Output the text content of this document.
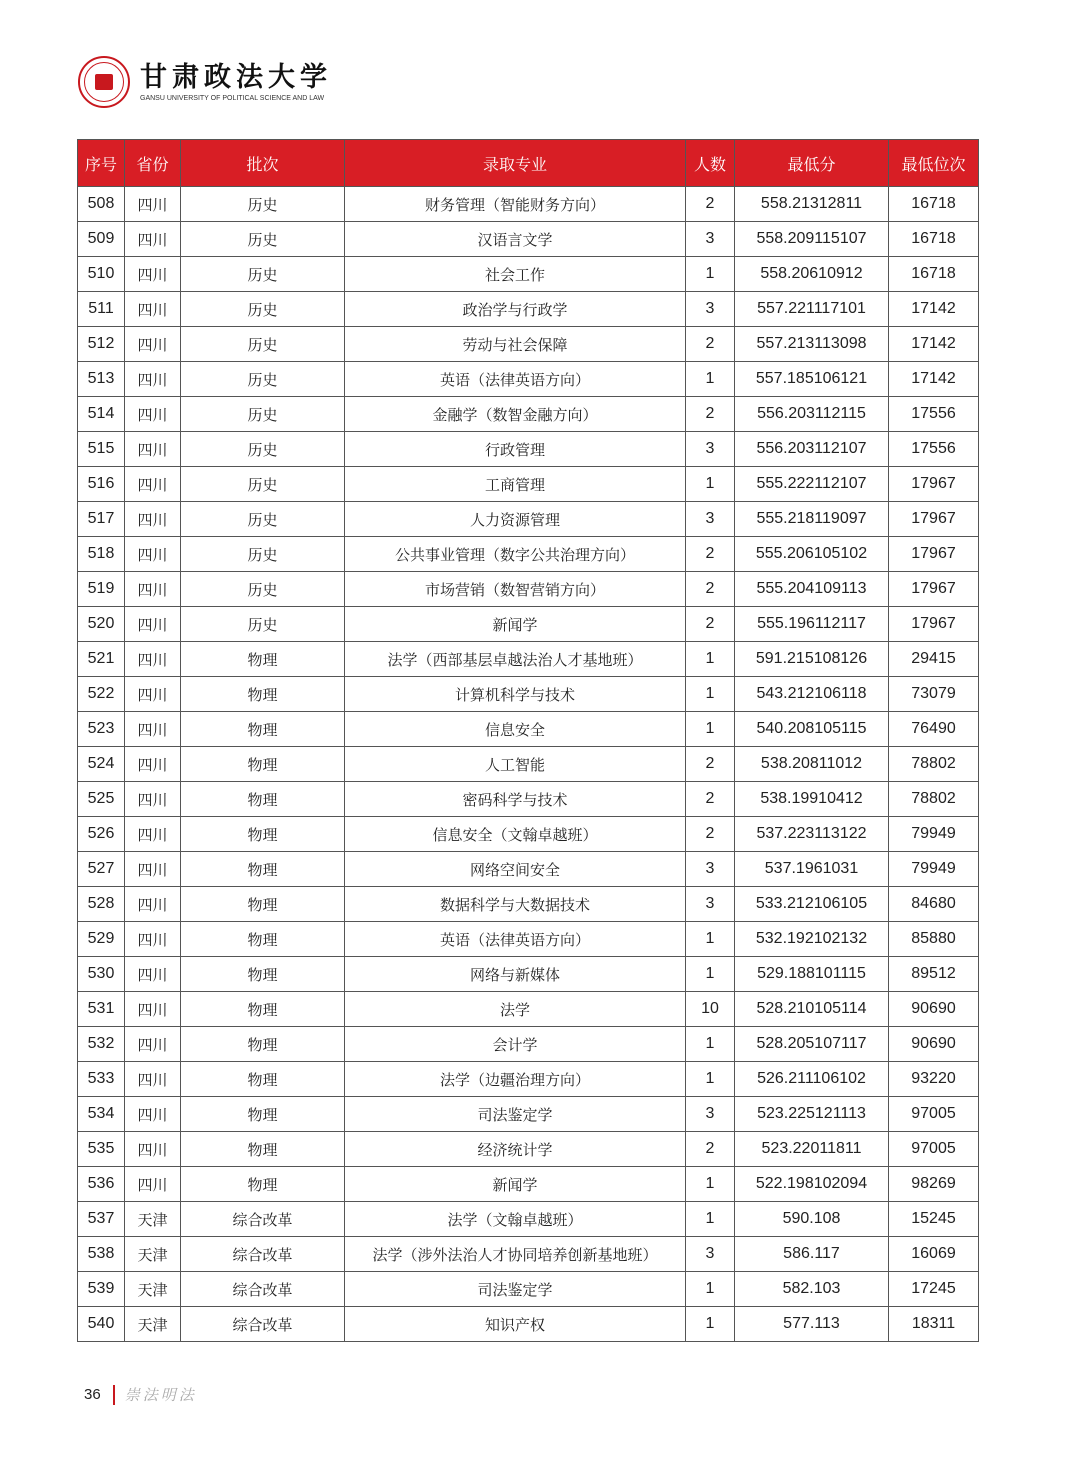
甘肃政法大学
GANSU UNIVERSITY OF POLITICAL SCIENCE AND LAW
序号	省份	批次	录取专业	人数	最低分	最低位次
508	四川	历史	财务管理（智能财务方向）	2	558.21312811	16718
509	四川	历史	汉语言文学	3	558.209115107	16718
510	四川	历史	社会工作	1	558.20610912	16718
511	四川	历史	政治学与行政学	3	557.221117101	17142
512	四川	历史	劳动与社会保障	2	557.213113098	17142
513	四川	历史	英语（法律英语方向）	1	557.185106121	17142
514	四川	历史	金融学（数智金融方向）	2	556.203112115	17556
515	四川	历史	行政管理	3	556.203112107	17556
516	四川	历史	工商管理	1	555.222112107	17967
517	四川	历史	人力资源管理	3	555.218119097	17967
518	四川	历史	公共事业管理（数字公共治理方向）	2	555.206105102	17967
519	四川	历史	市场营销（数智营销方向）	2	555.204109113	17967
520	四川	历史	新闻学	2	555.196112117	17967
521	四川	物理	法学（西部基层卓越法治人才基地班）	1	591.215108126	29415
522	四川	物理	计算机科学与技术	1	543.212106118	73079
523	四川	物理	信息安全	1	540.208105115	76490
524	四川	物理	人工智能	2	538.20811012	78802
525	四川	物理	密码科学与技术	2	538.19910412	78802
526	四川	物理	信息安全（文翰卓越班）	2	537.223113122	79949
527	四川	物理	网络空间安全	3	537.1961031	79949
528	四川	物理	数据科学与大数据技术	3	533.212106105	84680
529	四川	物理	英语（法律英语方向）	1	532.192102132	85880
530	四川	物理	网络与新媒体	1	529.188101115	89512
531	四川	物理	法学	10	528.210105114	90690
532	四川	物理	会计学	1	528.205107117	90690
533	四川	物理	法学（边疆治理方向）	1	526.211106102	93220
534	四川	物理	司法鉴定学	3	523.225121113	97005
535	四川	物理	经济统计学	2	523.22011811	97005
536	四川	物理	新闻学	1	522.198102094	98269
537	天津	综合改革	法学（文翰卓越班）	1	590.108	15245
538	天津	综合改革	法学（涉外法治人才协同培养创新基地班）	3	586.117	16069
539	天津	综合改革	司法鉴定学	1	582.103	17245
540	天津	综合改革	知识产权	1	577.113	18311
36 崇法明法
